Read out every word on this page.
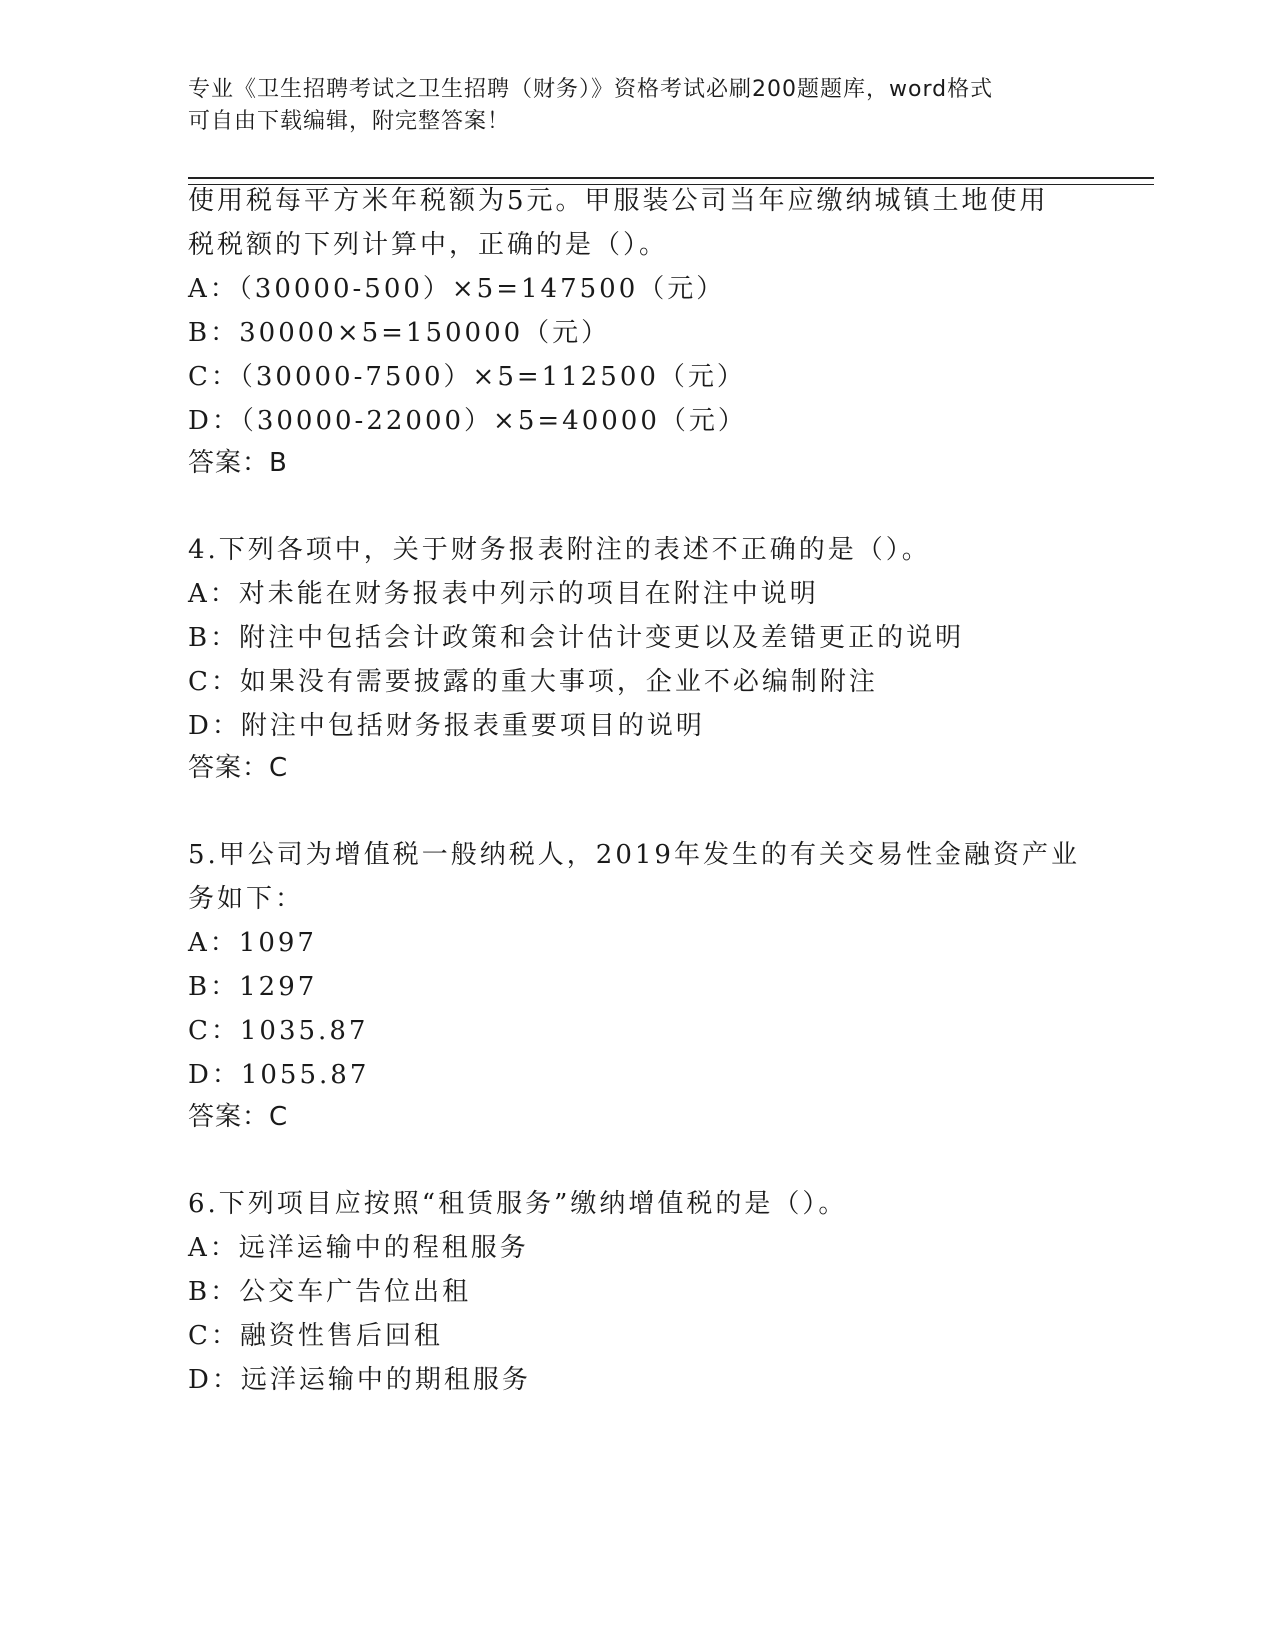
专业《卫生招聘考试之卫生招聘（财务）》资格考试必刷200题题库，word格式
可自由下载编辑，附完整答案！
使用税每平方米年税额为5元。甲服装公司当年应缴纳城镇土地使用
税税额的下列计算中，正确的是（）。
A：（30000-500）×5=147500（元）
B：30000×5=150000（元）
C：（30000-7500）×5=112500（元）
D：（30000-22000）×5=40000（元）
答案：B
4.下列各项中，关于财务报表附注的表述不正确的是（）。
A：对未能在财务报表中列示的项目在附注中说明
B：附注中包括会计政策和会计估计变更以及差错更正的说明
C：如果没有需要披露的重大事项，企业不必编制附注
D：附注中包括财务报表重要项目的说明
答案：C
5.甲公司为增值税一般纳税人，2019年发生的有关交易性金融资产业
务如下：
A：1097
B：1297
C：1035.87
D：1055.87
答案：C
6.下列项目应按照“租赁服务”缴纳增值税的是（）。
A：远洋运输中的程租服务
B：公交车广告位出租
C：融资性售后回租
D：远洋运输中的期租服务
